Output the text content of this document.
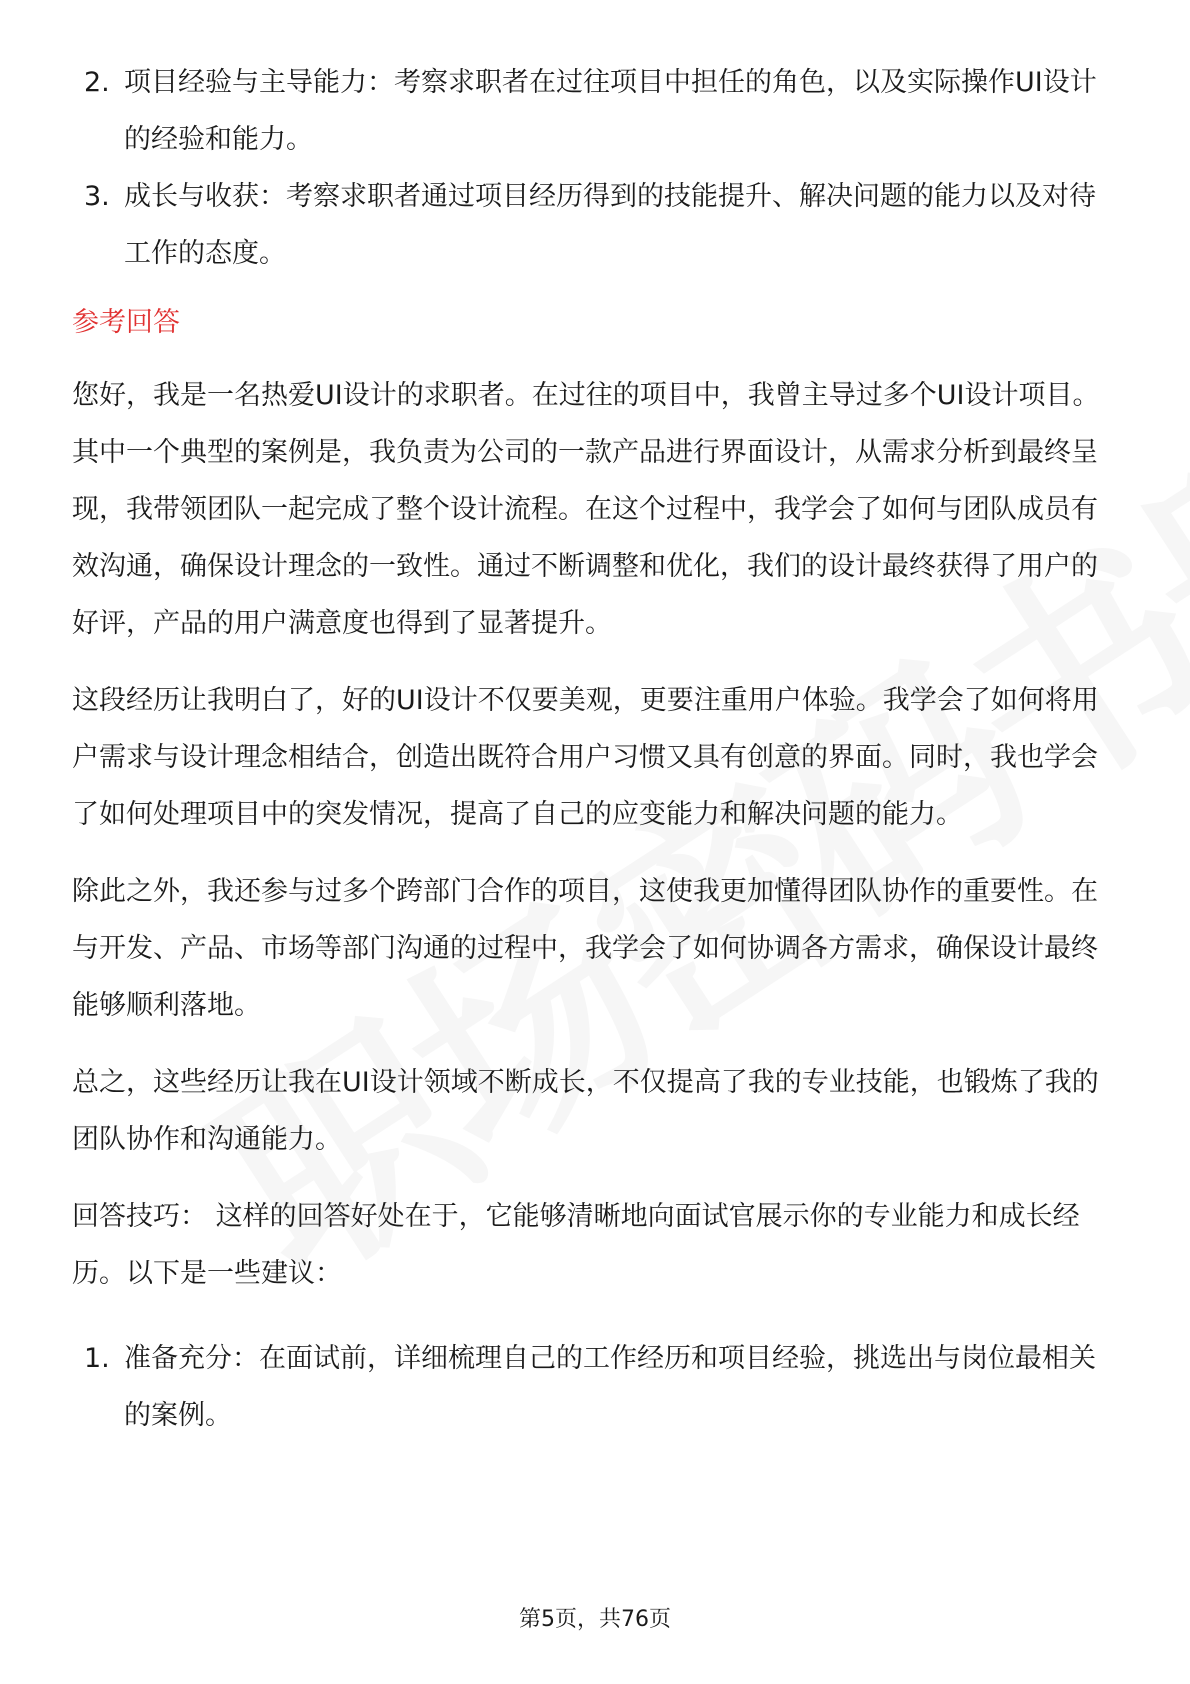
2. 项目经验与主导能力：考察求职者在过往项目中担任的角色，以及实际操作UI设计的经验和能力。
3. 成长与收获：考察求职者通过项目经历得到的技能提升、解决问题的能力以及对待工作的态度。
参考回答

您好，我是一名热爱UI设计的求职者。在过往的项目中，我曾主导过多个UI设计项目。其中一个典型的案例是，我负责为公司的一款产品进行界面设计，从需求分析到最终呈现，我带领团队一起完成了整个设计流程。在这个过程中，我学会了如何与团队成员有效沟通，确保设计理念的一致性。通过不断调整和优化，我们的设计最终获得了用户的好评，产品的用户满意度也得到了显著提升。

这段经历让我明白了，好的UI设计不仅要美观，更要注重用户体验。我学会了如何将用户需求与设计理念相结合，创造出既符合用户习惯又具有创意的界面。同时，我也学会了如何处理项目中的突发情况，提高了自己的应变能力和解决问题的能力。

除此之外，我还参与过多个跨部门合作的项目，这使我更加懂得团队协作的重要性。在与开发、产品、市场等部门沟通的过程中，我学会了如何协调各方需求，确保设计最终能够顺利落地。

总之，这些经历让我在UI设计领域不断成长，不仅提高了我的专业技能，也锻炼了我的团队协作和沟通能力。

回答技巧： 这样的回答好处在于，它能够清晰地向面试官展示你的专业能力和成长经历。以下是一些建议：

1. 准备充分：在面试前，详细梳理自己的工作经历和项目经验，挑选出与岗位最相关的案例。
第5页，共76页
